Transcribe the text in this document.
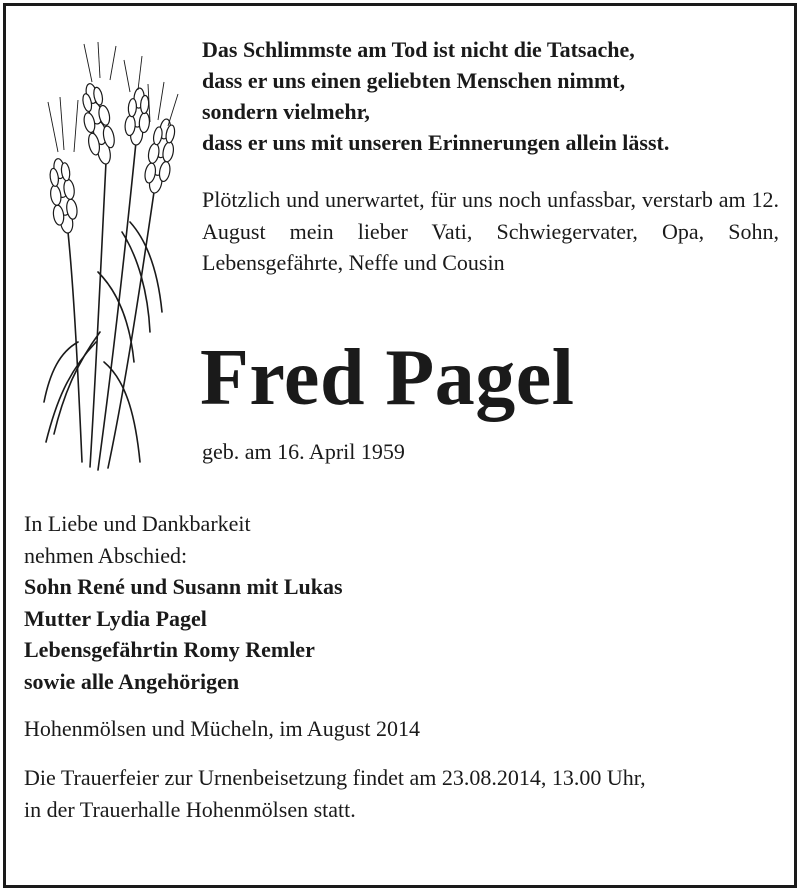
Das Schlimmste am Tod ist nicht die Tatsache,
dass er uns einen geliebten Menschen nimmt,
sondern vielmehr,
dass er uns mit unseren Erinnerungen allein lässt.
Plötzlich und unerwartet, für uns noch unfassbar, verstarb am 12. August mein lieber Vati, Schwiegervater, Opa, Sohn, Lebensgefährte, Neffe und Cousin
Fred Pagel
geb. am 16. April 1959
In Liebe und Dankbarkeit
nehmen Abschied:
Sohn René und Susann mit Lukas
Mutter Lydia Pagel
Lebensgefährtin Romy Remler
sowie alle Angehörigen
Hohenmölsen und Mücheln, im August 2014
Die Trauerfeier zur Urnenbeisetzung findet am 23.08.2014, 13.00 Uhr,
in der Trauerhalle Hohenmölsen statt.
